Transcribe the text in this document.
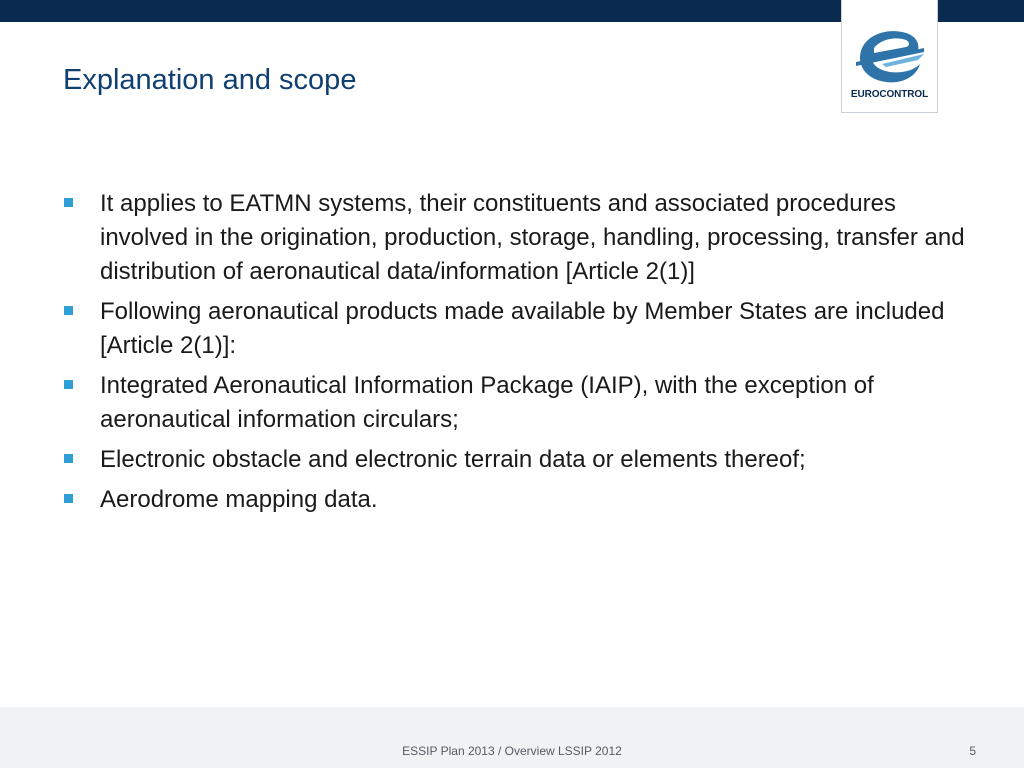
EUROCONTROL
Explanation and scope
It applies to EATMN systems, their constituents and associated procedures involved in the origination, production, storage, handling, processing, transfer and distribution of aeronautical data/information [Article 2(1)]
Following aeronautical products made available by Member States are included [Article 2(1)]:
Integrated Aeronautical Information Package (IAIP), with the exception of aeronautical information circulars;
Electronic obstacle and electronic terrain data or elements thereof;
Aerodrome mapping data.
ESSIP Plan 2013 / Overview LSSIP 2012	5
